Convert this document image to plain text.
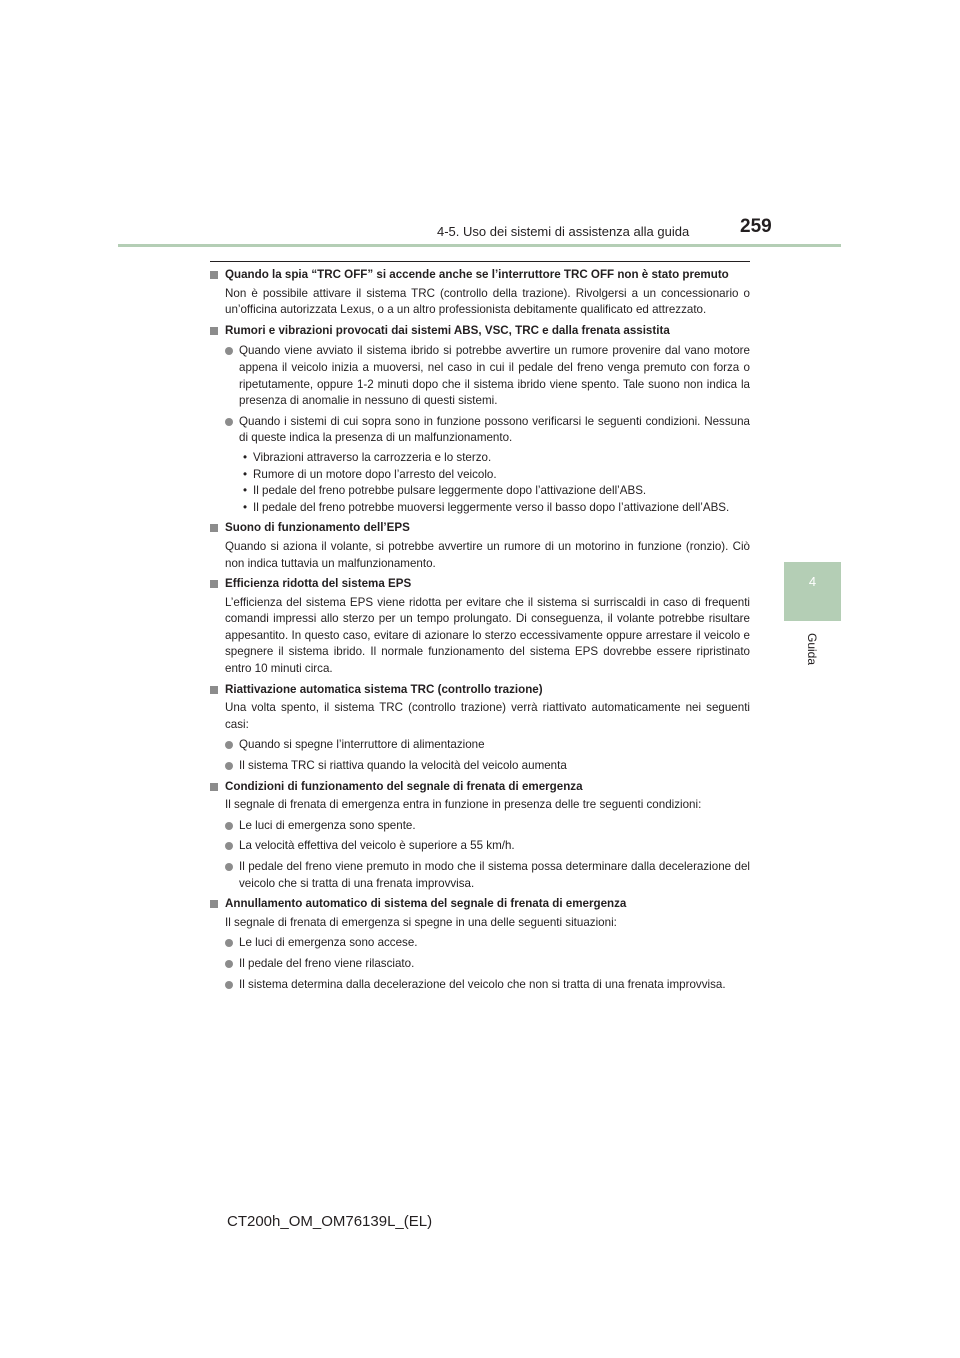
4-5. Uso dei sistemi di assistenza alla guida	259
4
Guida
Quando la spia “TRC OFF” si accende anche se l’interruttore TRC OFF non è stato premuto
Non è possibile attivare il sistema TRC (controllo della trazione). Rivolgersi a un concessionario o un’officina autorizzata Lexus, o a un altro professionista debitamente qualificato ed attrezzato.
Rumori e vibrazioni provocati dai sistemi ABS, VSC, TRC e dalla frenata assistita
Quando viene avviato il sistema ibrido si potrebbe avvertire un rumore provenire dal vano motore appena il veicolo inizia a muoversi, nel caso in cui il pedale del freno venga premuto con forza o ripetutamente, oppure 1-2 minuti dopo che il sistema ibrido viene spento. Tale suono non indica la presenza di anomalie in nessuno di questi sistemi.
Quando i sistemi di cui sopra sono in funzione possono verificarsi le seguenti condizioni. Nessuna di queste indica la presenza di un malfunzionamento.
• Vibrazioni attraverso la carrozzeria e lo sterzo.
• Rumore di un motore dopo l’arresto del veicolo.
• Il pedale del freno potrebbe pulsare leggermente dopo l’attivazione dell’ABS.
• Il pedale del freno potrebbe muoversi leggermente verso il basso dopo l’attivazione dell’ABS.
Suono di funzionamento dell’EPS
Quando si aziona il volante, si potrebbe avvertire un rumore di un motorino in funzione (ronzio). Ciò non indica tuttavia un malfunzionamento.
Efficienza ridotta del sistema EPS
L’efficienza del sistema EPS viene ridotta per evitare che il sistema si surriscaldi in caso di frequenti comandi impressi allo sterzo per un tempo prolungato. Di conseguenza, il volante potrebbe risultare appesantito. In questo caso, evitare di azionare lo sterzo eccessivamente oppure arrestare il veicolo e spegnere il sistema ibrido. Il normale funzionamento del sistema EPS dovrebbe essere ripristinato entro 10 minuti circa.
Riattivazione automatica sistema TRC (controllo trazione)
Una volta spento, il sistema TRC (controllo trazione) verrà riattivato automaticamente nei seguenti casi:
Quando si spegne l’interruttore di alimentazione
Il sistema TRC si riattiva quando la velocità del veicolo aumenta
Condizioni di funzionamento del segnale di frenata di emergenza
Il segnale di frenata di emergenza entra in funzione in presenza delle tre seguenti condizioni:
Le luci di emergenza sono spente.
La velocità effettiva del veicolo è superiore a 55 km/h.
Il pedale del freno viene premuto in modo che il sistema possa determinare dalla decelerazione del veicolo che si tratta di una frenata improvvisa.
Annullamento automatico di sistema del segnale di frenata di emergenza
Il segnale di frenata di emergenza si spegne in una delle seguenti situazioni:
Le luci di emergenza sono accese.
Il pedale del freno viene rilasciato.
Il sistema determina dalla decelerazione del veicolo che non si tratta di una frenata improvvisa.
CT200h_OM_OM76139L_(EL)
